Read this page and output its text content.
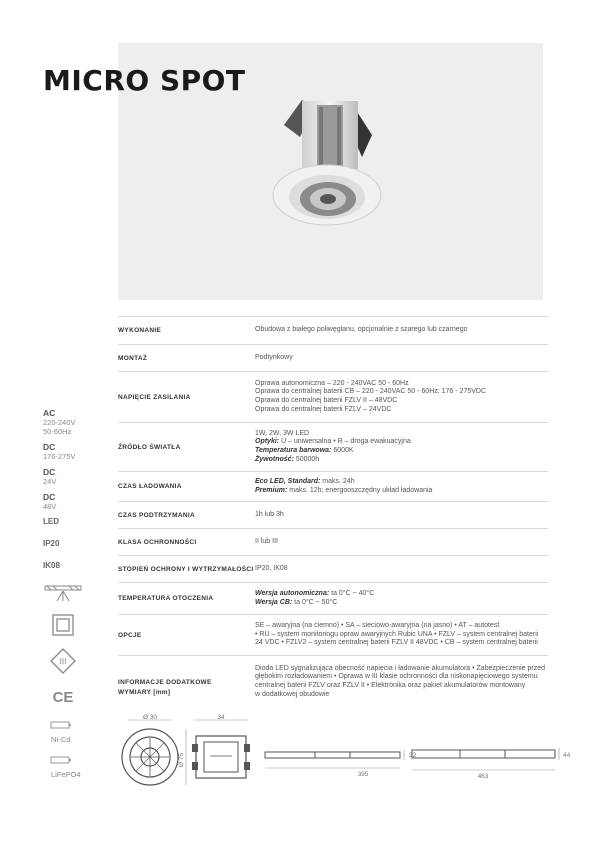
MICRO SPOT
WYKONANIE	Obudowa z białego poliwęglanu, opcjonalnie z szarego lub czarnego
MONTAŻ	Podtynkowy
NAPIĘCIE ZASILANIA
Oprawa autonomiczna – 220 - 240VAC 50 - 60Hz
Oprawa do centralnej baterii CB – 220 - 240VAC 50 - 60Hz; 176 - 275VDC
Oprawa do centralnej baterii FZLV II – 48VDC
Oprawa do centralnej baterii FZLV – 24VDC
ŹRÓDŁO ŚWIATŁA
1W, 2W, 3W LED
Optyki: U – uniwersalna • R – droga ewakuacyjna
Temperatura barwowa: 6000K
Żywotność: 50000h
CZAS ŁADOWANIA
Eco LED, Standard: maks. 24h
Premium: maks. 12h; energooszczędny układ ładowania
CZAS PODTRZYMANIA	1h lub 3h
KLASA OCHRONNOŚCI	II lub III
STOPIEŃ OCHRONY I WYTRZYMAŁOŚCI IP20, IK08
TEMPERATURA OTOCZENIA
Wersja autonomiczna: ta 0°C ~ 40°C
Wersja CB: ta 0°C ~ 50°C
OPCJE
SE – awaryjna (na ciemno) • SA – sieciowo-awaryjna (na jasno) • AT – autotest
• RU – system monitoringu opraw awaryjnych Rubic UNA • FZLV – system centralnej baterii
24 VDC • FZLV2 – system centralnej baterii FZLV II 48VDC • CB – system centralnej baterii
INFORMACJE DODATKOWE
Dioda LED sygnalizująca obecność napięcia i ładowanie akumulatora • Zabezpieczenie przed
głębokim rozładowaniem • Oprawa w III klasie ochronności dla niskonapięciowego systemu
centralnej baterii FZLV oraz FZLV II • Elektronika oraz pakiet akumulatorów montowany
w dodatkowej obudowie
AC
220-240V
50-60Hz
DC
176-275V
DC
24V
DC
48V
LED
IP20
IK08
III
CE
NI-Cd
LiFePO4
WYMIARY [mm]
Ø 30
Ø 75
34
395
32
463
44
